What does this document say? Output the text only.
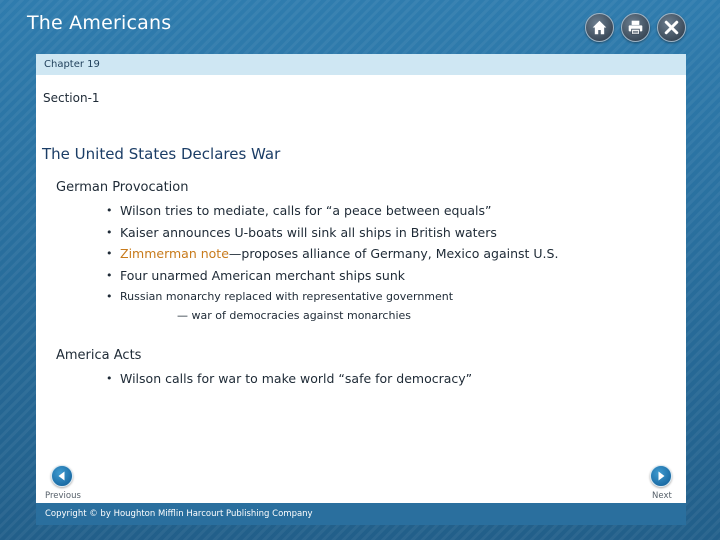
The Americans
Chapter 19
Section-1
The United States Declares War
German Provocation
• Wilson tries to mediate, calls for “a peace between equals”
• Kaiser announces U-boats will sink all ships in British waters
• Zimmerman note—proposes alliance of Germany, Mexico against U.S.
• Four unarmed American merchant ships sunk
• Russian monarchy replaced with representative government
— war of democracies against monarchies
America Acts
• Wilson calls for war to make world “safe for democracy”
Previous	Next
Copyright © by Houghton Mifflin Harcourt Publishing Company
